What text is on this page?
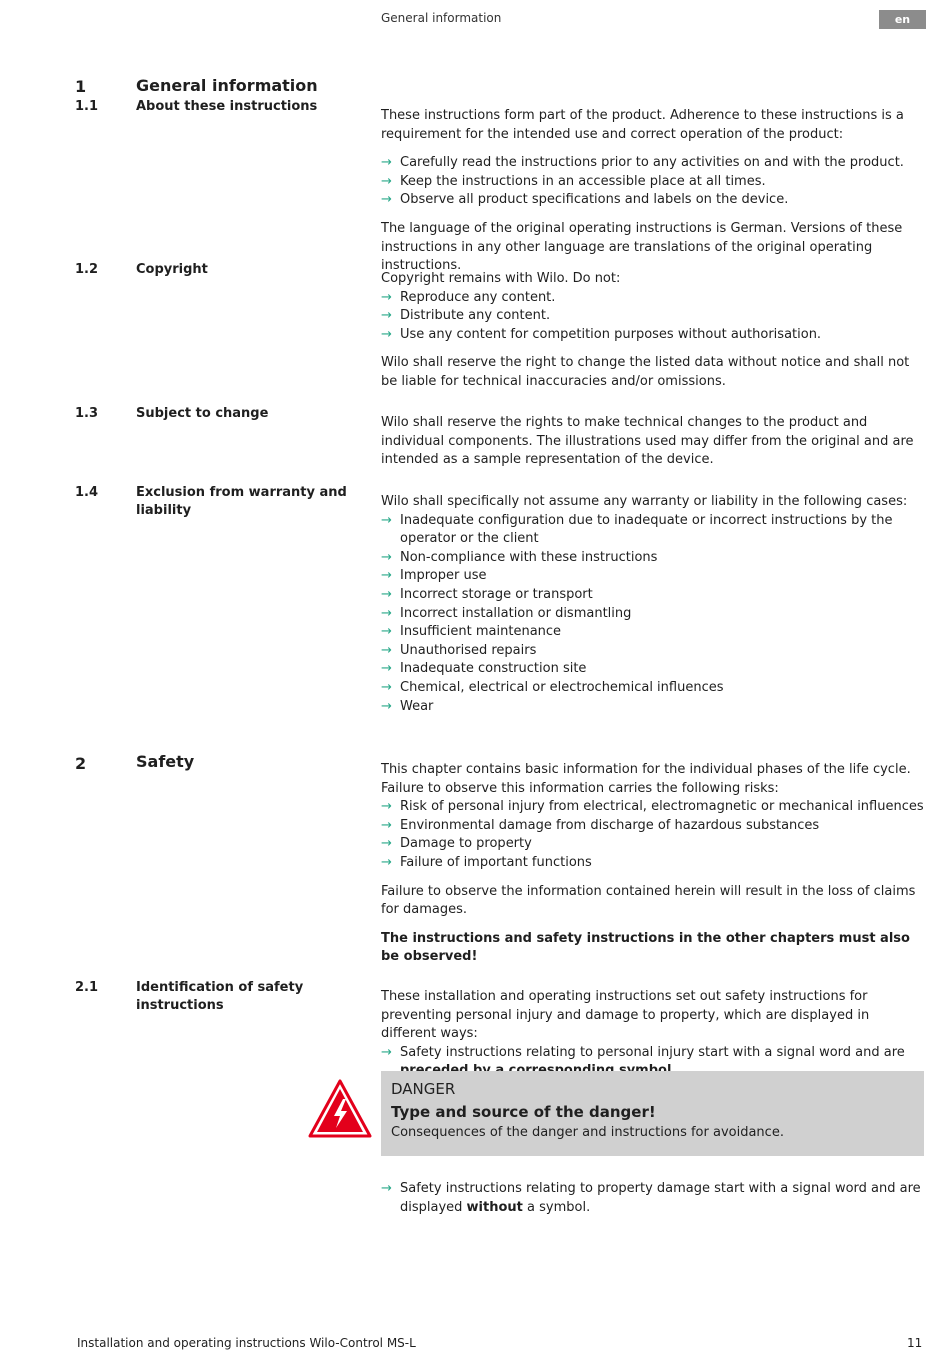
General information	en
1	General information
1.1	About these instructions

These instructions form part of the product. Adherence to these instructions is a requirement for the intended use and correct operation of the product:

→ Carefully read the instructions prior to any activities on and with the product.
→ Keep the instructions in an accessible place at all times.
→ Observe all product specifications and labels on the device.

The language of the original operating instructions is German. Versions of these instructions in any other language are translations of the original operating instructions.

1.2	Copyright

Copyright remains with Wilo. Do not:

→ Reproduce any content.
→ Distribute any content.
→ Use any content for competition purposes without authorisation.

Wilo shall reserve the right to change the listed data without notice and shall not be liable for technical inaccuracies and/or omissions.

1.3	Subject to change

Wilo shall reserve the rights to make technical changes to the product and individual components. The illustrations used may differ from the original and are intended as a sample representation of the device.

1.4	Exclusion from warranty and liability

Wilo shall specifically not assume any warranty or liability in the following cases:

→ Inadequate configuration due to inadequate or incorrect instructions by the operator or the client
→ Non-compliance with these instructions
→ Improper use
→ Incorrect storage or transport
→ Incorrect installation or dismantling
→ Insufficient maintenance
→ Unauthorised repairs
→ Inadequate construction site
→ Chemical, electrical or electrochemical influences
→ Wear
2	Safety	This chapter contains basic information for the individual phases of the life cycle. Failure to observe this information carries the following risks:

→ Risk of personal injury from electrical, electromagnetic or mechanical influences
→ Environmental damage from discharge of hazardous substances
→ Damage to property
→ Failure of important functions

Failure to observe the information contained herein will result in the loss of claims for damages.

The instructions and safety instructions in the other chapters must also be observed!

2.1	Identification of safety instructions

These installation and operating instructions set out safety instructions for preventing personal injury and damage to property, which are displayed in different ways:

→ Safety instructions relating to personal injury start with a signal word and are
DANGER
Type and source of the danger!
Consequences of the danger and instructions for avoidance.
→ Safety instructions relating to property damage start with a signal word and are displayed without a symbol.
Installation and operating instructions Wilo-Control MS-L	11
